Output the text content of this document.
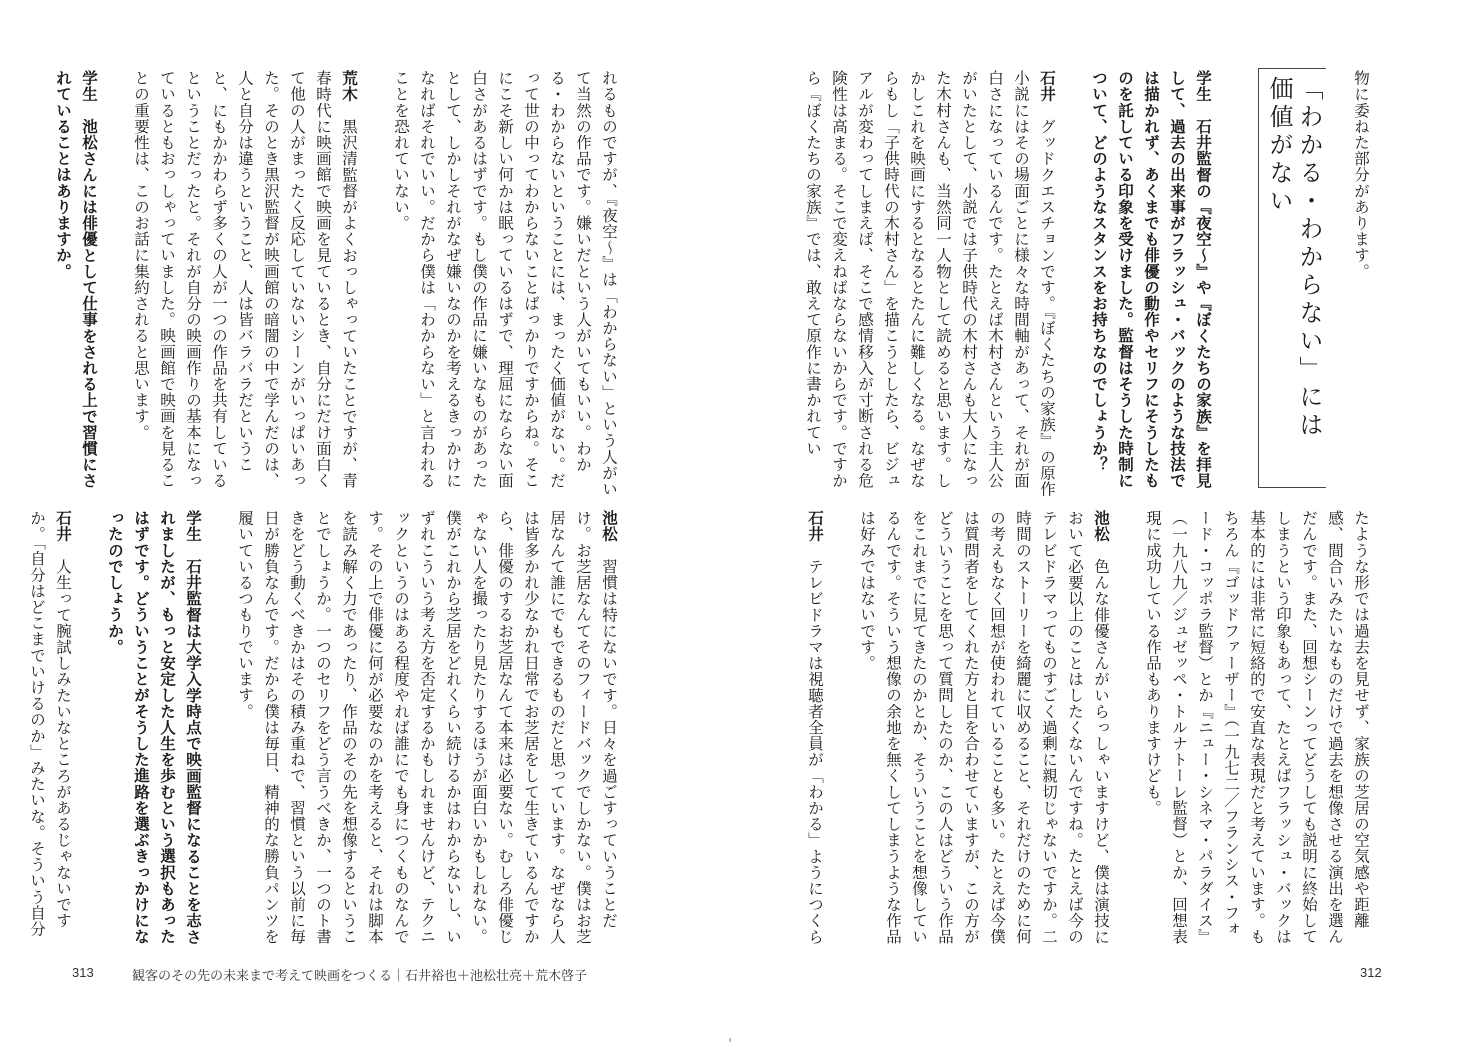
物に委ねた部分があります。

「わかる・わからない」には
価値がない

学生　石井監督の『夜空〜』や『ぼくたちの家族』を拝見して、過去の出来事がフラッシュ・バックのような技法では描かれず、あくまでも俳優の動作やセリフにそうしたものを託している印象を受けました。監督はそうした時制について、どのようなスタンスをお持ちなのでしょうか？

石井　グッドクエスチョンです。『ぼくたちの家族』の原作小説にはその場面ごとに様々な時間軸があって、それが面白さになっているんです。たとえば木村さんという主人公がいたとして、小説では子供時代の木村さんも大人になった木村さんも、当然同一人物として読めると思います。しかしこれを映画にするとなるとたんに難しくなる。なぜならもし「子供時代の木村さん」を描こうとしたら、ビジュアルが変わってしまえば、そこで感情移入が寸断される危険性は高まる。そこで変えねばならないからです。ですから『ぼくたちの家族』では、敢えて原作に書かれてい

たような形では過去を見せず、家族の芝居の空気感や距離感、間合いみたいなものだけで過去を想像させる演出を選んだんです。また、回想シーンってどうしても説明に終始してしまうという印象もあって、たとえばフラッシュ・バックは基本的には非常に短絡的で安直な表現だと考えています。もちろん『ゴッドファーザー』（一九七二／フランシス・フォード・コッポラ監督）とか『ニュー・シネマ・パラダイス』（一九八九／ジュゼッペ・トルナトーレ監督）とか、回想表現に成功している作品もありますけども。

池松　色んな俳優さんがいらっしゃいますけど、僕は演技において必要以上のことはしたくないんですね。たとえば今のテレビドラマってものすごく過剰に親切じゃないですか。二時間のストーリーを綺麗に収めること、それだけのために何の考えもなく回想が使われていることも多い。たとえば今僕は質問者をしてくれた方と目を合わせていますが、この方がどういうことを思って質問したのか、この人はどういう作品をこれまでに見てきたのかとか、そういうことを想像しているんです。そういう想像の余地を無くしてしまうような作品は好みではないです。

石井　テレビドラマは視聴者全員が「わかる」ようにつくら

312

れるものですが、『夜空〜』は「わからない」という人がいて当然の作品です。嫌いだという人がいてもいい。わかる・わからないということには、まったく価値がない。だって世の中ってわからないことばっかりですからね。そこにこそ新しい何かは眠っているはずで、理屈にならない面白さがあるはずです。もし僕の作品に嫌いなものがあったとして、しかしそれがなぜ嫌いなのかを考えるきっかけになればそれでいい。だから僕は「わからない」と言われることを恐れていない。

荒木　黒沢清監督がよくおっしゃっていたことですが、青春時代に映画館で映画を見ているとき、自分にだけ面白くて他の人がまったく反応していないシーンがいっぱいあった。そのとき黒沢監督が映画館の暗闇の中で学んだのは、人と自分は違うということ、人は皆バラバラだということ、にもかかわらず多くの人が一つの作品を共有しているということだったと。それが自分の映画作りの基本になっているともおっしゃっていました。映画館で映画を見ることの重要性は、このお話に集約されると思います。

学生　池松さんには俳優として仕事をされる上で習慣にされていることはありますか。

池松　習慣は特にないです。日々を過ごすっていうことだけ。お芝居なんてそのフィードバックでしかない。僕はお芝居なんて誰にでもできるものだと思っています。なぜなら人は皆多かれ少なかれ日常でお芝居をして生きているんですから、俳優のするお芝居なんて本来は必要ない。むしろ俳優じゃない人を撮ったり見たりするほうが面白いかもしれない。僕がこれから芝居をどれくらい続けるかはわからないし、いずれこういう考え方を否定するかもしれませんけど、テクニックというのはある程度やれば誰にでも身につくものなんです。その上で俳優に何が必要なのかを考えると、それは脚本を読み解く力であったり、作品のその先を想像するということでしょうか。一つのセリフをどう言うべきか、一つのト書きをどう動くべきかはその積み重ねで、習慣という以前に毎日が勝負なんです。だから僕は毎日、精神的な勝負パンツを履いているつもりでいます。

学生　石井監督は大学入学時点で映画監督になることを志されましたが、もっと安定した人生を歩むという選択もあったはずです。どういうことがそうした進路を選ぶきっかけになったのでしょうか。

石井　人生って腕試しみたいなところがあるじゃないですか。「自分はどこまでいけるのか」みたいな。そういう自分

313	観客のその先の未来まで考えて映画をつくる｜石井裕也＋池松壮亮＋荒木啓子
